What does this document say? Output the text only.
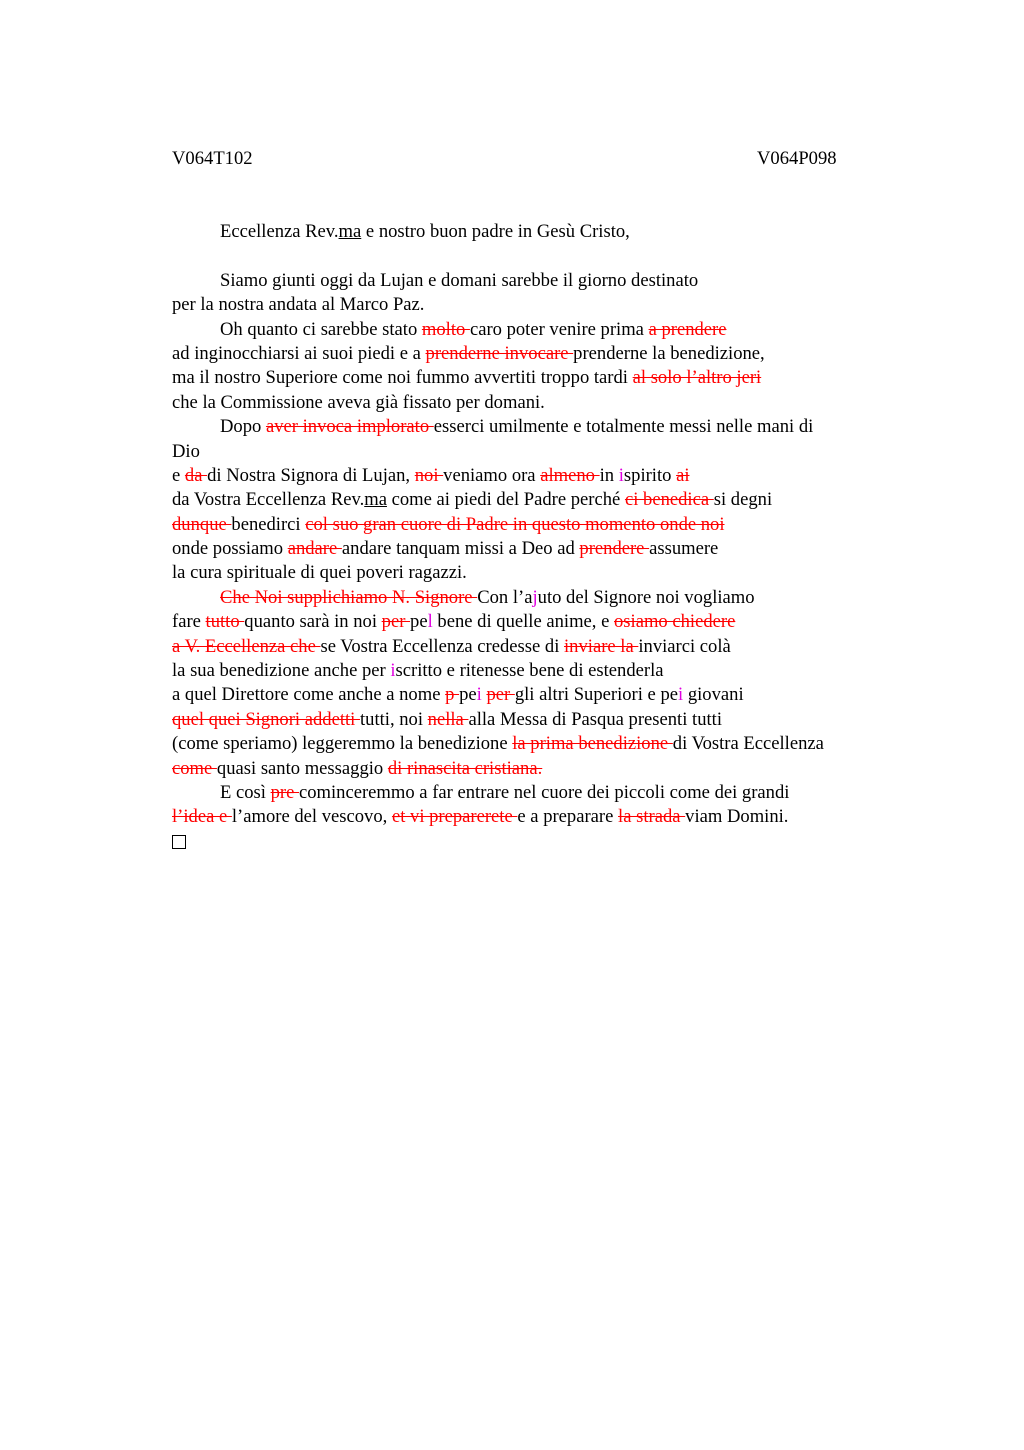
V064T102	V064P098
Eccellenza Rev.ma e nostro buon padre in Gesù Cristo,
Siamo giunti oggi da Lujan e domani sarebbe il giorno destinato
per la nostra andata al Marco Paz.
Oh quanto ci sarebbe stato molto caro poter venire prima a prendere
ad inginocchiarsi ai suoi piedi e a prenderne invocare prenderne la benedizione,
ma il nostro Superiore come noi fummo avvertiti troppo tardi al solo l’altro jeri
che la Commissione aveva già fissato per domani.
Dopo aver invoca implorato esserci umilmente e totalmente messi nelle mani di
Dio
e da di Nostra Signora di Lujan, noi veniamo ora almeno in ispirito ai
da Vostra Eccellenza Rev.ma come ai piedi del Padre perché ci benedica si degni
dunque benedirci col suo gran cuore di Padre in questo momento onde noi
onde possiamo andare andare tanquam missi a Deo ad prendere assumere
la cura spirituale di quei poveri ragazzi.
Che Noi supplichiamo N. Signore Con l’ajuto del Signore noi vogliamo
fare tutto quanto sarà in noi per pel bene di quelle anime, e osiamo chiedere
a V. Eccellenza che se Vostra Eccellenza credesse di inviare la inviarci colà
la sua benedizione anche per iscritto e ritenesse bene di estenderla
a quel Direttore come anche a nome p pei per gli altri Superiori e pei giovani
quel quei Signori addetti tutti, noi nella alla Messa di Pasqua presenti tutti
(come speriamo) leggeremmo la benedizione la prima benedizione di Vostra Eccellenza
come quasi santo messaggio di rinascita cristiana.
E così pre cominceremmo a far entrare nel cuore dei piccoli come dei grandi
l’idea e l’amore del vescovo, et vi preparerete e a preparare la strada viam Domini.
